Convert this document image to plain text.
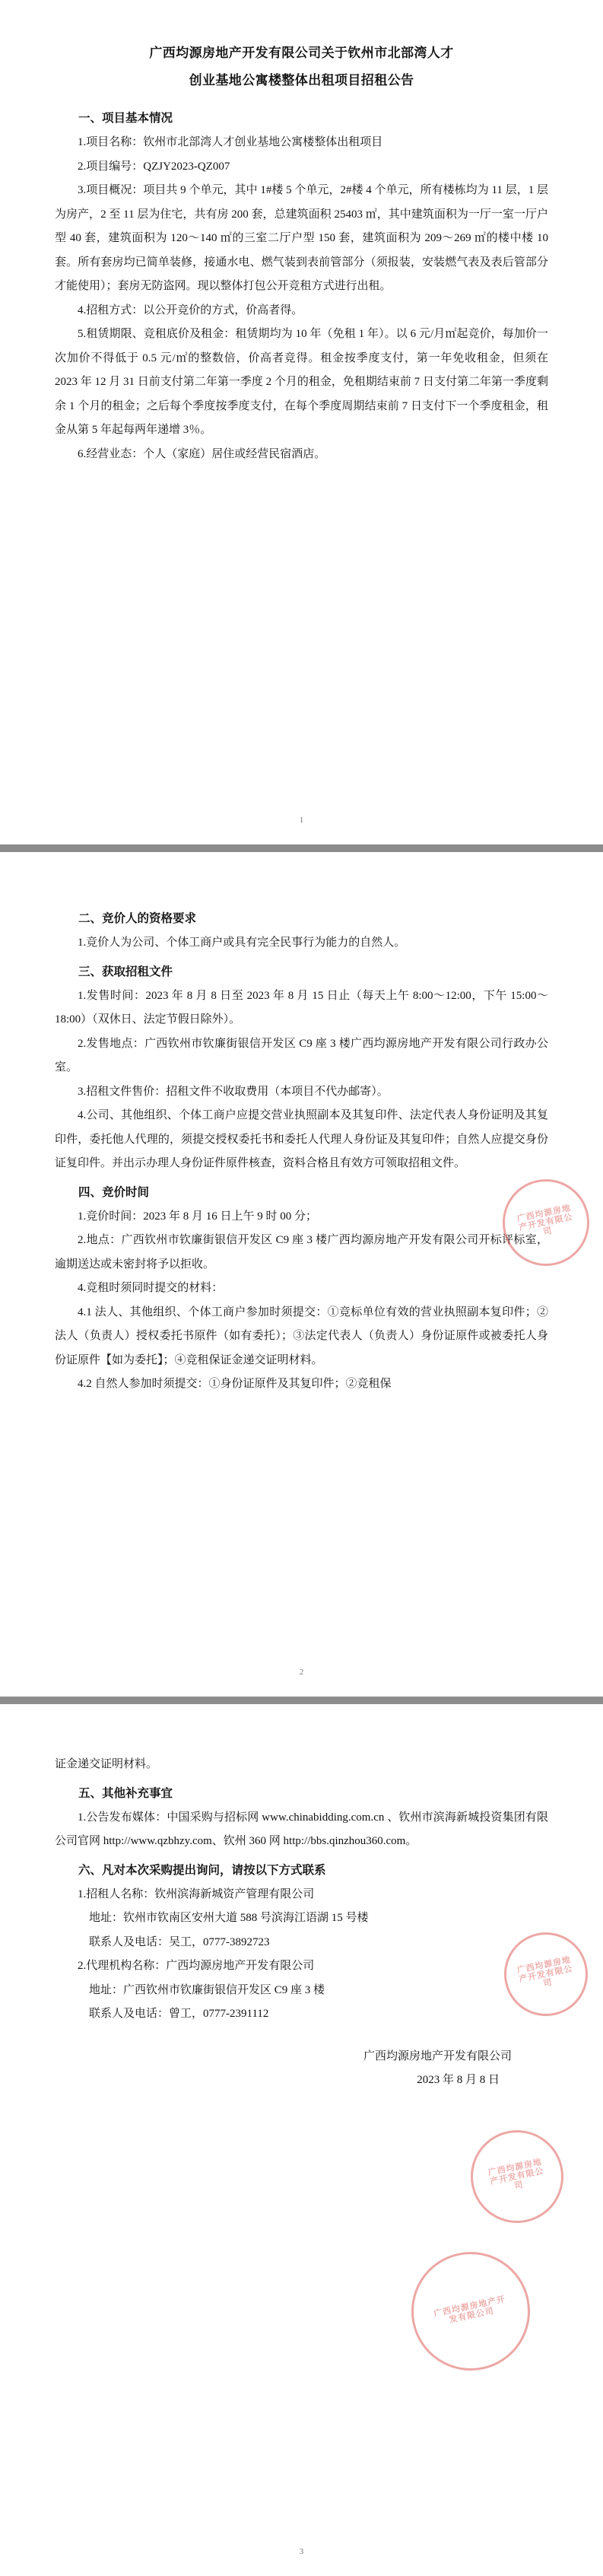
广西均源房地产开发有限公司关于钦州市北部湾人才
创业基地公寓楼整体出租项目招租公告
一、项目基本情况

1.项目名称：钦州市北部湾人才创业基地公寓楼整体出租项目

2.项目编号：QZJY2023-QZ007

3.项目概况：项目共 9 个单元，其中 1#楼 5 个单元，2#楼 4 个单元，所有楼栋均为 11 层，1 层为房产，2 至 11 层为住宅，共有房 200 套，总建筑面积 25403 ㎡，其中建筑面积为一厅一室一厅户型 40 套，建筑面积为 120～140 ㎡的三室二厅户型 150 套，建筑面积为 209～269 ㎡的楼中楼 10 套。所有套房均已简单装修，接通水电、燃气装到表前管部分（须报装，安装燃气表及表后管部分才能使用）；套房无防盗网。现以整体打包公开竞租方式进行出租。

4.招租方式：以公开竞价的方式，价高者得。

5.租赁期限、竞租底价及租金：租赁期均为 10 年（免租 1 年）。以 6 元/月㎡起竞价，每加价一次加价不得低于 0.5 元/㎡的整数倍，价高者竞得。租金按季度支付，第一年免收租金，但须在 2023 年 12 月 31 日前支付第二年第一季度 2 个月的租金，免租期结束前 7 日支付第二年第一季度剩余 1 个月的租金；之后每个季度按季度支付，在每个季度周期结束前 7 日支付下一个季度租金，租金从第 5 年起每两年递增 3％。

6.经营业态：个人（家庭）居住或经营民宿酒店。

1
二、竞价人的资格要求

1.竞价人为公司、个体工商户或具有完全民事行为能力的自然人。

三、获取招租文件

1.发售时间：2023 年 8 月 8 日至 2023 年 8 月 15 日止（每天上午 8:00～12:00，下午 15:00～18:00）（双休日、法定节假日除外）。

2.发售地点：广西钦州市钦廉街银信开发区 C9 座 3 楼广西均源房地产开发有限公司行政办公室。

3.招租文件售价：招租文件不收取费用（本项目不代办邮寄）。

4.公司、其他组织、个体工商户应提交营业执照副本及其复印件、法定代表人身份证明及其复印件，委托他人代理的，须提交授权委托书和委托人代理人身份证及其复印件；自然人应提交身份证复印件。并出示办理人身份证件原件核查，资料合格且有效方可领取招租文件。

四、竞价时间

1.竞价时间：2023 年 8 月 16 日上午 9 时 00 分；

2.地点：广西钦州市钦廉街银信开发区 C9 座 3 楼广西均源房地产开发有限公司开标评标室，逾期送达或未密封将予以拒收。

4.竞租时须同时提交的材料：

4.1 法人、其他组织、个体工商户参加时须提交：①竞标单位有效的营业执照副本复印件；②法人（负责人）授权委托书原件（如有委托）；③法定代表人（负责人）身份证原件或被委托人身份证原件【如为委托】；④竞租保证金递交证明材料。

4.2 自然人参加时须提交：①身份证原件及其复印件；②竞租保

广西均源房地产开发有限公司
2

证金递交证明材料。

五、其他补充事宜

1.公告发布媒体：中国采购与招标网 www.chinabidding.com.cn 、钦州市滨海新城投资集团有限公司官网 http://www.qzbhzy.com、钦州 360 网 http://bbs.qinzhou360.com。

六、凡对本次采购提出询问，请按以下方式联系

1.招租人名称：钦州滨海新城资产管理有限公司

地址：钦州市钦南区安州大道 588 号滨海江语湖 15 号楼

联系人及电话：吴工，0777-3892723

2.代理机构名称：广西均源房地产开发有限公司

地址：广西钦州市钦廉街银信开发区 C9 座 3 楼

联系人及电话：曾工，0777-2391112

广西均源房地产开发有限公司
2023 年 8 月 8 日
广西均源房地产开发有限公司
广西均源房地产开发有限公司
广西均源房地产开发有限公司
3
